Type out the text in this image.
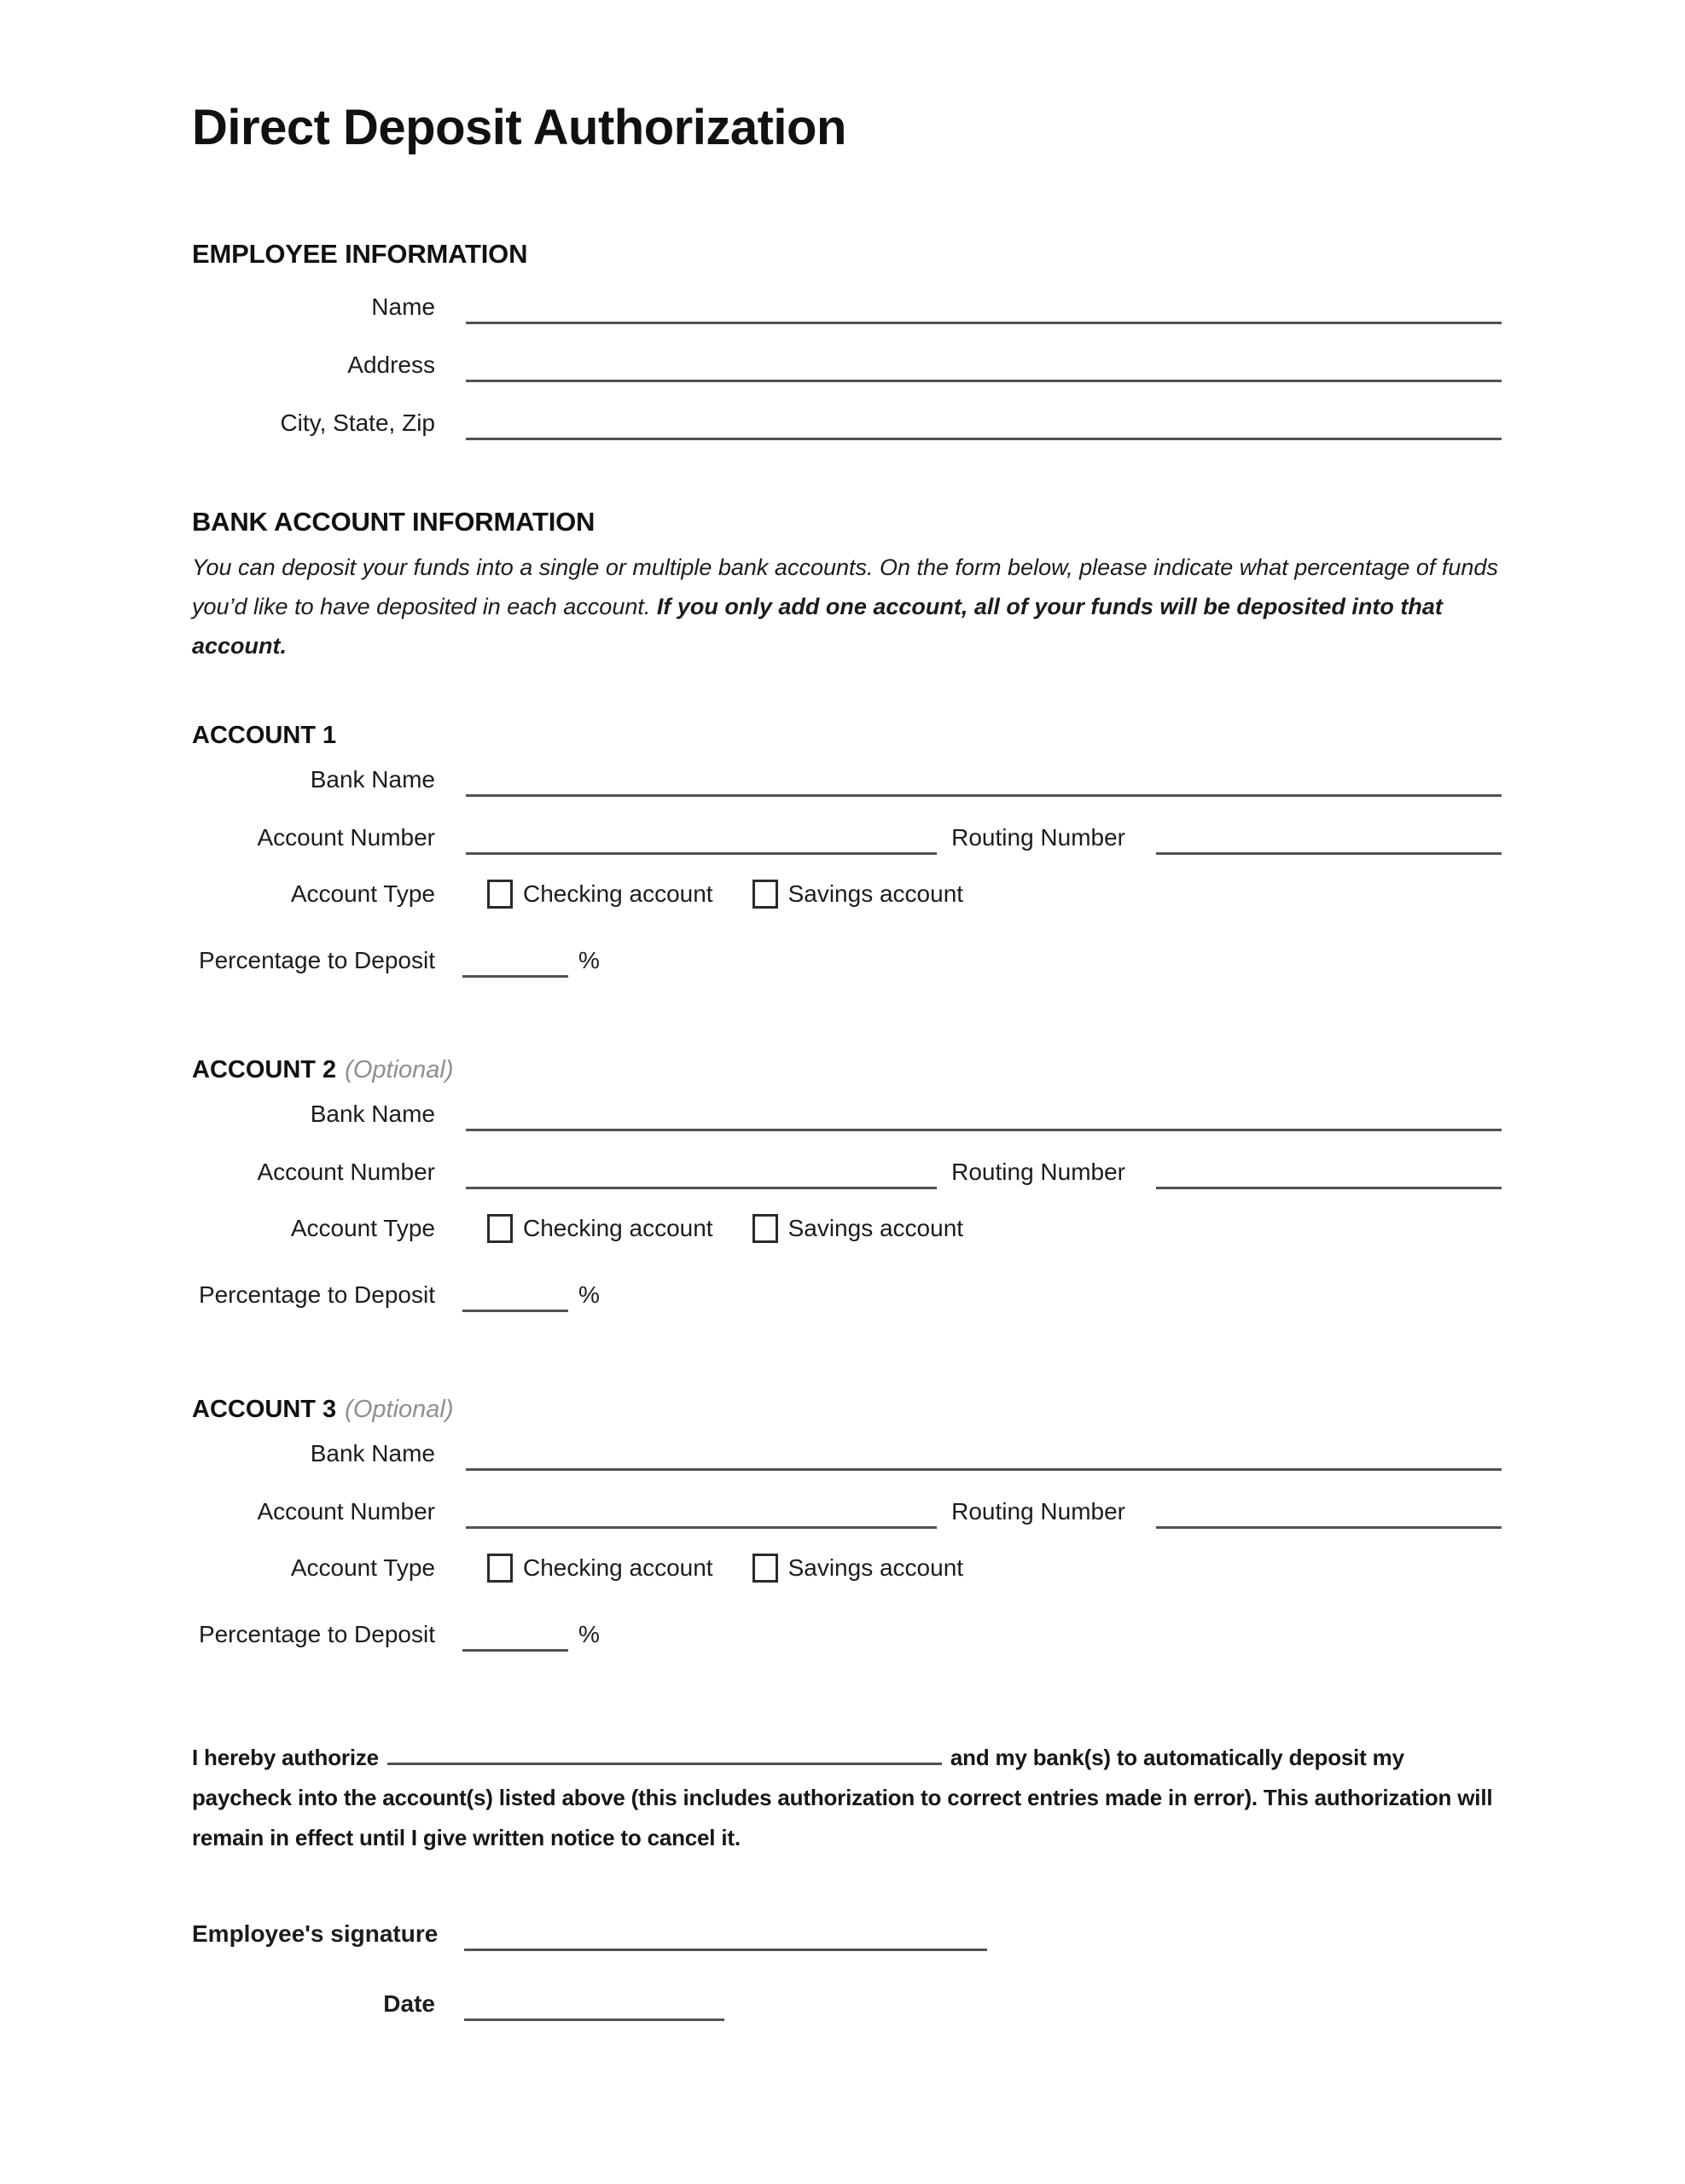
Direct Deposit Authorization
EMPLOYEE INFORMATION
Name
Address
City, State, Zip
BANK ACCOUNT INFORMATION

You can deposit your funds into a single or multiple bank accounts. On the form below, please indicate what percentage of funds you’d like to have deposited in each account. If you only add one account, all of your funds will be deposited into that account.

ACCOUNT 1
Bank Name
Account Number	Routing Number
Account Type	Checking account	Savings account
Percentage to Deposit	%
ACCOUNT 2 (Optional)
Bank Name
Account Number	Routing Number
Account Type	Checking account	Savings account
Percentage to Deposit	%
ACCOUNT 3 (Optional)
Bank Name
Account Number	Routing Number
Account Type	Checking account	Savings account
Percentage to Deposit	%

I hereby authorize	and my bank(s) to automatically deposit my paycheck into the account(s) listed above (this includes authorization to correct entries made in error). This authorization will remain in effect until I give written notice to cancel it.

Employee's signature
Date
